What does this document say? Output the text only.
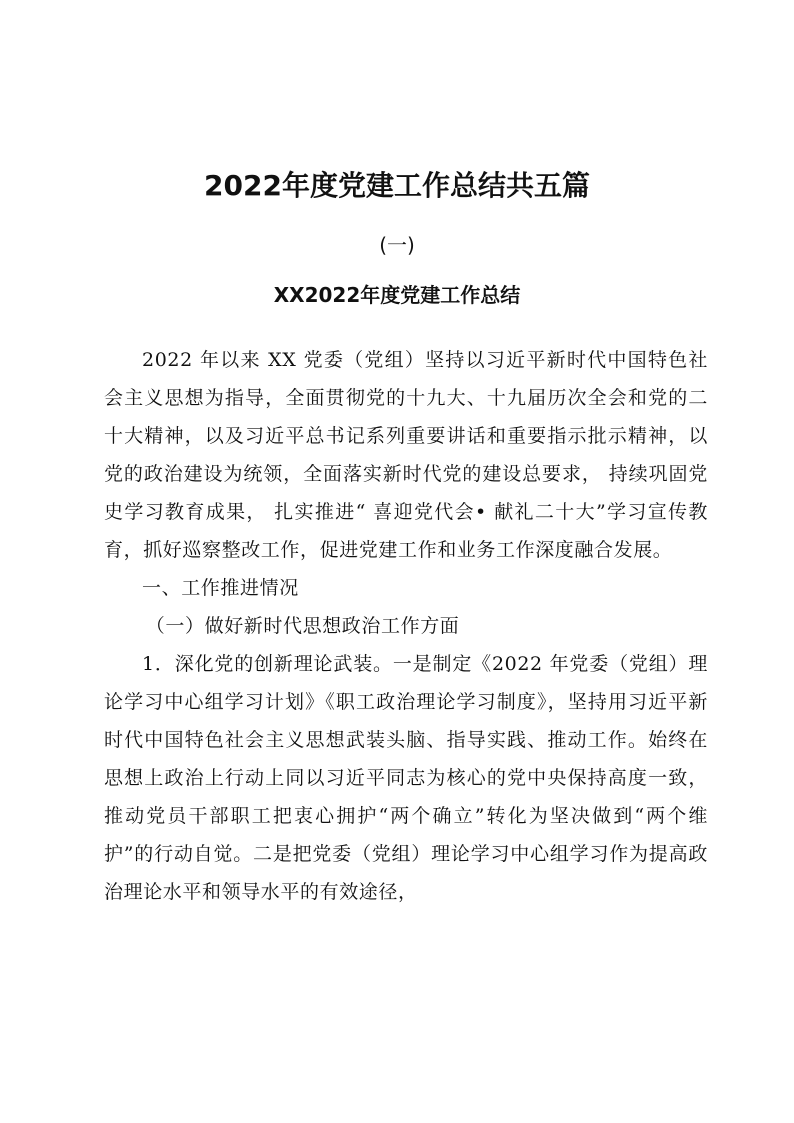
2022年度党建工作总结共五篇
(一)
XX2022年度党建工作总结

2022 年以来 XX 党委（党组）坚持以习近平新时代中国特色社会主义思想为指导，全面贯彻党的十九大、十九届历次全会和党的二十大精神，以及习近平总书记系列重要讲话和重要指示批示精神，以党的政治建设为统领，全面落实新时代党的建设总要求， 持续巩固党史学习教育成果， 扎实推进“ 喜迎党代会• 献礼二十大”学习宣传教育，抓好巡察整改工作，促进党建工作和业务工作深度融合发展。

一、工作推进情况

（一）做好新时代思想政治工作方面

1．深化党的创新理论武装。一是制定《2022 年党委（党组）理论学习中心组学习计划》《职工政治理论学习制度》，坚持用习近平新时代中国特色社会主义思想武装头脑、指导实践、推动工作。始终在思想上政治上行动上同以习近平同志为核心的党中央保持高度一致，推动党员干部职工把衷心拥护“两个确立”转化为坚决做到“两个维护”的行动自觉。二是把党委（党组）理论学习中心组学习作为提高政治理论水平和领导水平的有效途径，
